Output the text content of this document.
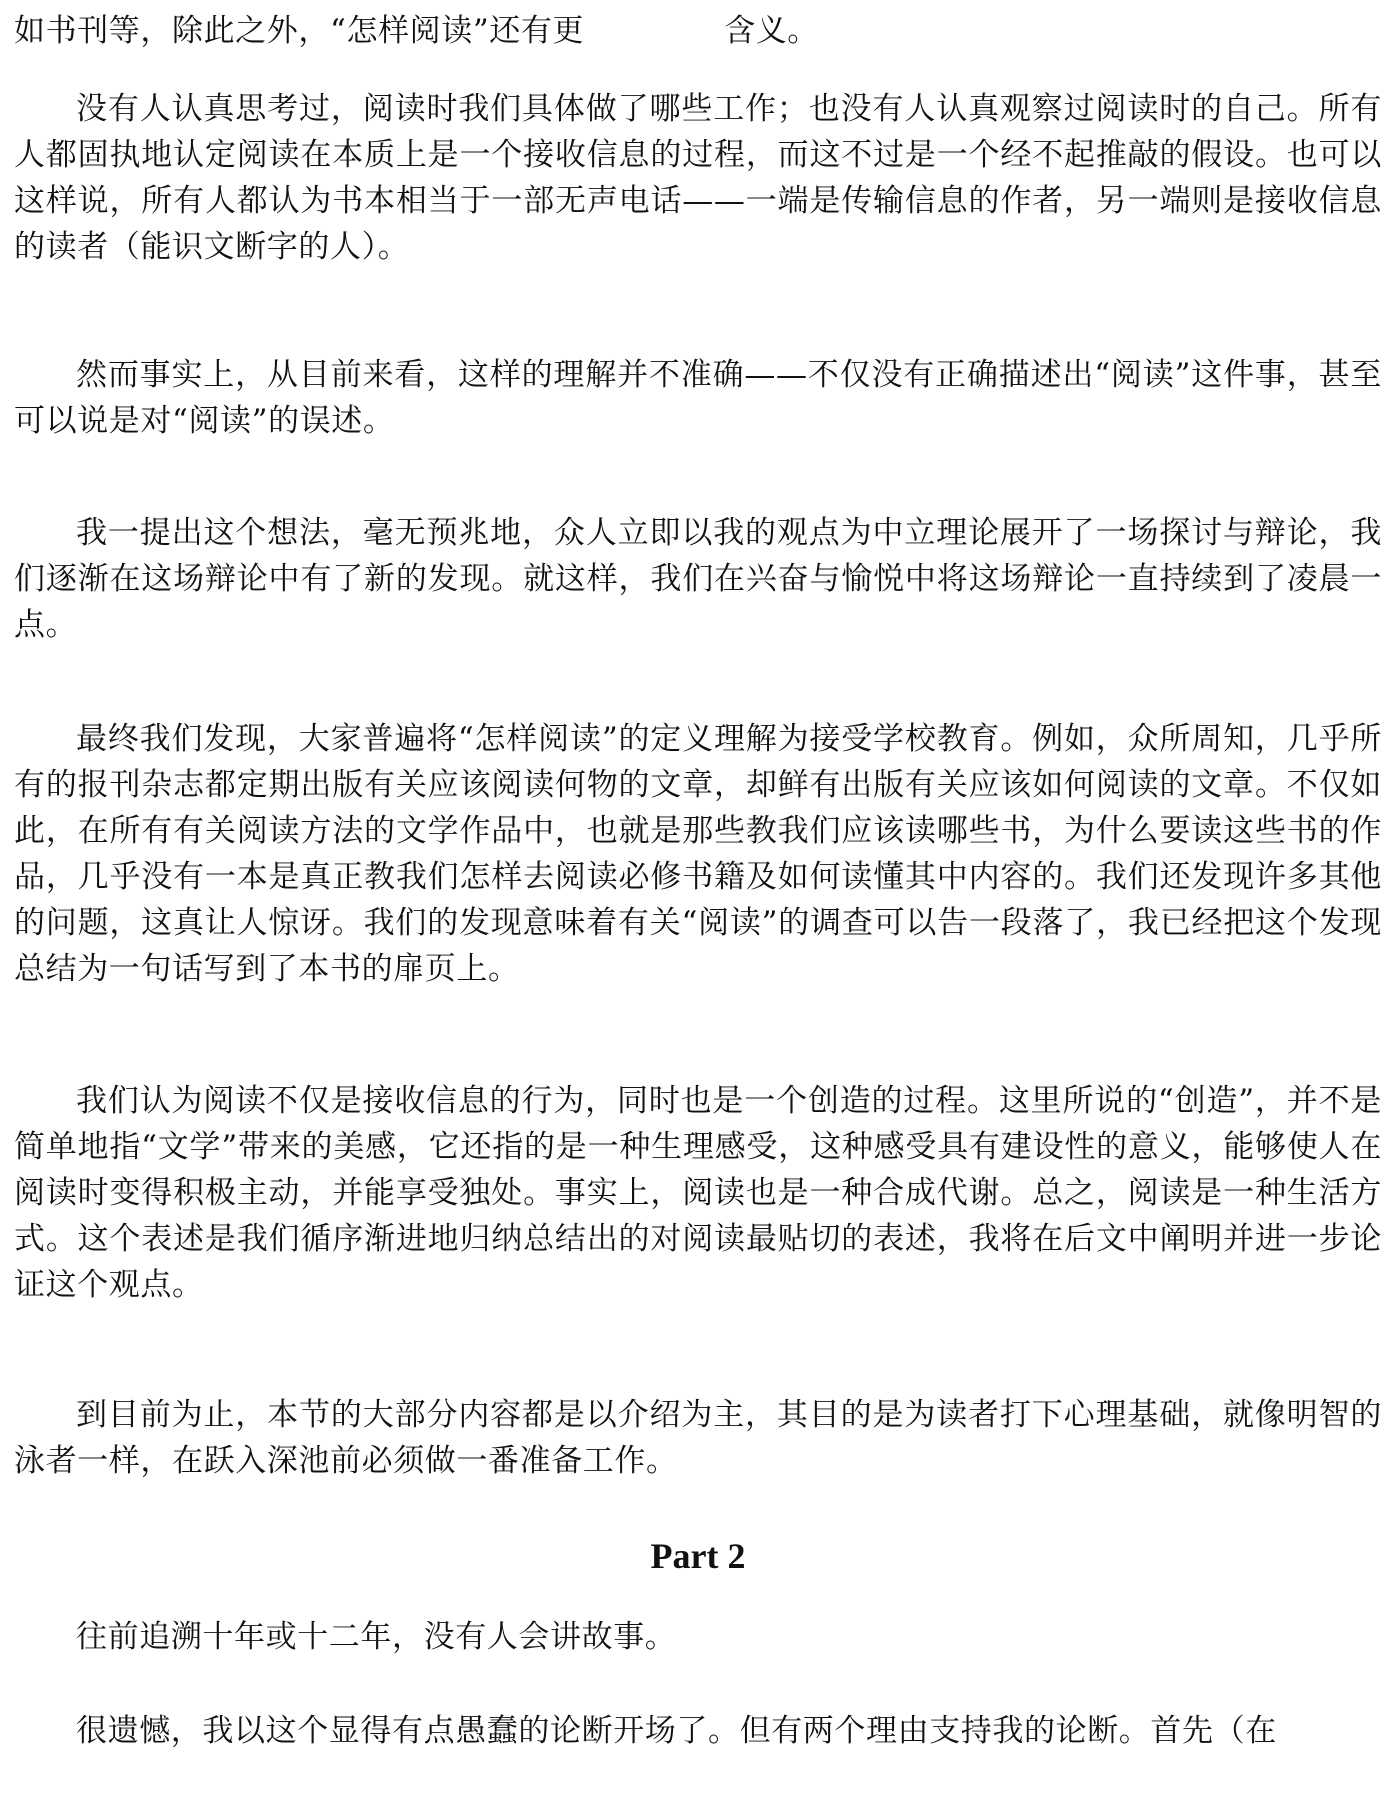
如书刊等，除此之外，“怎样阅读”还有更	含义。

没有人认真思考过，阅读时我们具体做了哪些工作；也没有人认真观察过阅读时的自己。所有人都固执地认定阅读在本质上是一个接收信息的过程，而这不过是一个经不起推敲的假设。也可以这样说，所有人都认为书本相当于一部无声电话——一端是传输信息的作者，另一端则是接收信息的读者（能识文断字的人）。

然而事实上，从目前来看，这样的理解并不准确——不仅没有正确描述出“阅读”这件事，甚至可以说是对“阅读”的误述。

我一提出这个想法，毫无预兆地，众人立即以我的观点为中立理论展开了一场探讨与辩论，我们逐渐在这场辩论中有了新的发现。就这样，我们在兴奋与愉悦中将这场辩论一直持续到了凌晨一点。

最终我们发现，大家普遍将“怎样阅读”的定义理解为接受学校教育。例如，众所周知，几乎所有的报刊杂志都定期出版有关应该阅读何物的文章，却鲜有出版有关应该如何阅读的文章。不仅如此，在所有有关阅读方法的文学作品中，也就是那些教我们应该读哪些书，为什么要读这些书的作品，几乎没有一本是真正教我们怎样去阅读必修书籍及如何读懂其中内容的。我们还发现许多其他的问题，这真让人惊讶。我们的发现意味着有关“阅读”的调查可以告一段落了，我已经把这个发现总结为一句话写到了本书的扉页上。

我们认为阅读不仅是接收信息的行为，同时也是一个创造的过程。这里所说的“创造”，并不是简单地指“文学”带来的美感，它还指的是一种生理感受，这种感受具有建设性的意义，能够使人在阅读时变得积极主动，并能享受独处。事实上，阅读也是一种合成代谢。总之，阅读是一种生活方式。这个表述是我们循序渐进地归纳总结出的对阅读最贴切的表述，我将在后文中阐明并进一步论证这个观点。

到目前为止，本节的大部分内容都是以介绍为主，其目的是为读者打下心理基础，就像明智的泳者一样，在跃入深池前必须做一番准备工作。

Part 2

往前追溯十年或十二年，没有人会讲故事。

很遗憾，我以这个显得有点愚蠢的论断开场了。但有两个理由支持我的论断。首先（在
